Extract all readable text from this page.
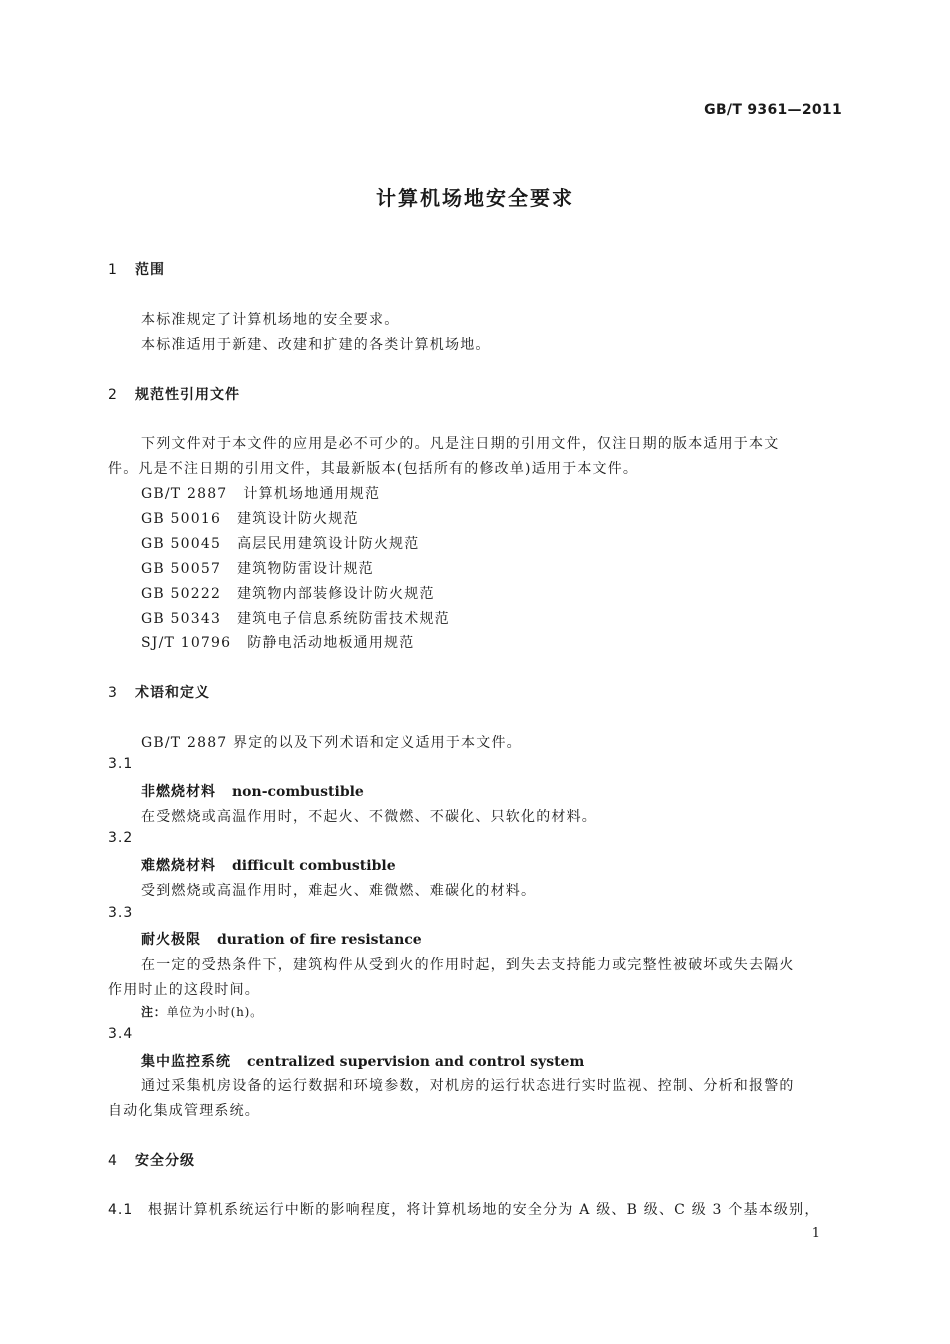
GB/T 9361—2011
计算机场地安全要求
1 范围
本标准规定了计算机场地的安全要求。
本标准适用于新建、改建和扩建的各类计算机场地。
2 规范性引用文件
下列文件对于本文件的应用是必不可少的。凡是注日期的引用文件，仅注日期的版本适用于本文
件。凡是不注日期的引用文件，其最新版本(包括所有的修改单)适用于本文件。
GB/T 2887 计算机场地通用规范
GB 50016 建筑设计防火规范
GB 50045 高层民用建筑设计防火规范
GB 50057 建筑物防雷设计规范
GB 50222 建筑物内部装修设计防火规范
GB 50343 建筑电子信息系统防雷技术规范
SJ/T 10796 防静电活动地板通用规范
3 术语和定义
GB/T 2887 界定的以及下列术语和定义适用于本文件。
3.1
非燃烧材料 non-combustible
在受燃烧或高温作用时，不起火、不微燃、不碳化、只软化的材料。
3.2
难燃烧材料 difficult combustible
受到燃烧或高温作用时，难起火、难微燃、难碳化的材料。
3.3
耐火极限 duration of fire resistance
在一定的受热条件下，建筑构件从受到火的作用时起，到失去支持能力或完整性被破坏或失去隔火
作用时止的这段时间。
注：单位为小时(h)。
3.4
集中监控系统 centralized supervision and control system
通过采集机房设备的运行数据和环境参数，对机房的运行状态进行实时监视、控制、分析和报警的
自动化集成管理系统。
4 安全分级
4.1 根据计算机系统运行中断的影响程度，将计算机场地的安全分为 A 级、B 级、C 级 3 个基本级别，
1
